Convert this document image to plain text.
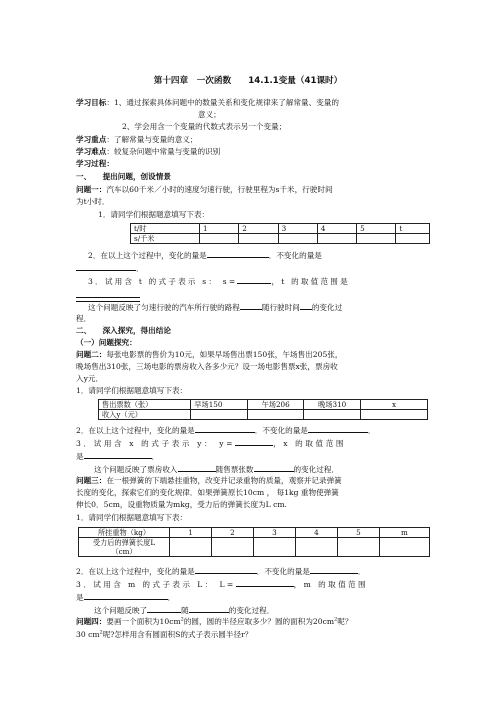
第十四章　一次函数　　14.1.1变量（41课时）
学习目标：1、通过探索具体问题中的数量关系和变化规律来了解常量、变量的
意义；
2、学会用含一个变量的代数式表示另一个变量；
学习重点：了解常量与变量的意义；
学习难点：较复杂问题中常量与变量的识别
学习过程：
一、　　提出问题，创设情景
问题一：汽车以60千米／小时的速度匀速行驶，行驶里程为s千米，行驶时间
为t小时．
1．请同学们根据题意填写下表：
t/时	1	2	3	4	5	t
s/千米						
2．在以上这个过程中，变化的量是	．不变化的量是
．
3．试用含 t 的式子表示 s： s=	，t 的取值范围是
这个问题反映了匀速行驶的汽车所行驶的路程	随行驶时间 的变化过
程．
二、　　深入探究，得出结论
（一）问题探究：
问题二：每张电影票的售价为10元，如果早场售出票150张，午场售出205张，
晚场售出310张，三场电影的票房收入各多少元？设一场电影售票x张，票房收
入y元．
1．请同学们根据题意填写下表：
售出票数（张）	早场150	午场206	晚场310	x
收入y（元）				
2．在以上这个过程中，变化的量是	．不变化的量是	．
3．试用含 x 的式子表示 y： y=	，x 的取值范围
是	．
这个问题反映了票房收入	随售票张数	的变化过程．
问题三：在一根弹簧的下端悬挂重物，改变并记录重物的质量，观察并记录弹簧
长度的变化，探索它们的变化规律．如果弹簧原长10cm ， 每1kg 重物使弹簧
伸长0．5cm，设重物质量为mkg，受力后的弹簧长度为L cm.
1．请同学们根据题意填写下表：
所挂重物（kg）	1	2	3	4	5	m

受力后的弹簧长度L
（cm）						

2．在以上这个过程中，变化的量是	．不变化的量是	．
3．试用含 m 的式子表示 L： L=	，m 的取值范围
是	．
这个问题反映了	随	的变化过程．
问题四：要画一个面积为$10cm^2$的圆，圆的半径应取多少？圆的面积为$20cm^2$呢？
30 $cm^2$呢?怎样用含有圆面积S的式子表示圆半径r？
